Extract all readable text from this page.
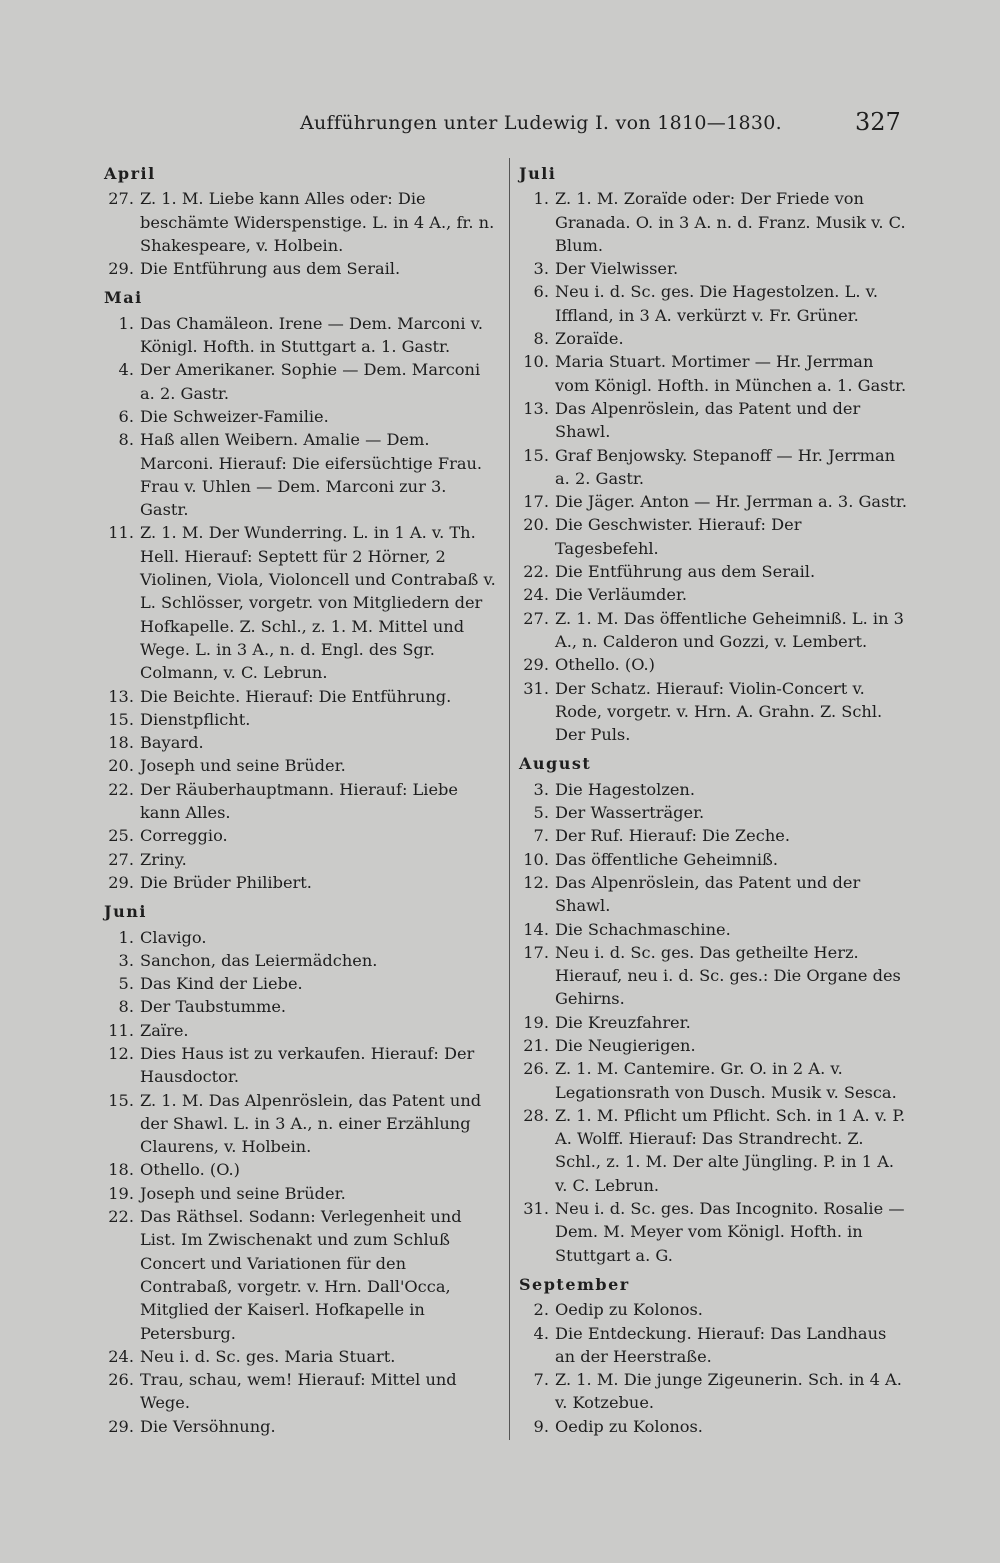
Aufführungen unter Ludewig I. von 1810—1830.	327
April
27. Z. 1. M. Liebe kann Alles oder: Die beschämte Widerspenstige. L. in 4 A., fr. n. Shakespeare, v. Holbein.
29. Die Entführung aus dem Serail.
Mai
1. Das Chamäleon. Irene — Dem. Marconi v. Königl. Hofth. in Stuttgart a. 1. Gastr.
4. Der Amerikaner. Sophie — Dem. Marconi a. 2. Gastr.
6. Die Schweizer-Familie.
8. Haß allen Weibern. Amalie — Dem. Marconi. Hierauf: Die eifersüchtige Frau. Frau v. Uhlen — Dem. Marconi zur 3. Gastr.
11. Z. 1. M. Der Wunderring. L. in 1 A. v. Th. Hell. Hierauf: Septett für 2 Hörner, 2 Violinen, Viola, Violoncell und Contrabaß v. L. Schlösser, vorgetr. von Mitgliedern der Hofkapelle. Z. Schl., z. 1. M. Mittel und Wege. L. in 3 A., n. d. Engl. des Sgr. Colmann, v. C. Lebrun.
13. Die Beichte. Hierauf: Die Entführung.
15. Dienstpflicht.
18. Bayard.
20. Joseph und seine Brüder.
22. Der Räuberhauptmann. Hierauf: Liebe kann Alles.
25. Correggio.
27. Zriny.
29. Die Brüder Philibert.
Juni
1. Clavigo.
3. Sanchon, das Leiermädchen.
5. Das Kind der Liebe.
8. Der Taubstumme.
11. Zaïre.
12. Dies Haus ist zu verkaufen. Hierauf: Der Hausdoctor.
15. Z. 1. M. Das Alpenröslein, das Patent und der Shawl. L. in 3 A., n. einer Erzählung Claurens, v. Holbein.
18. Othello. (O.)
19. Joseph und seine Brüder.
22. Das Räthsel. Sodann: Verlegenheit und List. Im Zwischenakt und zum Schluß Concert und Variationen für den Contrabaß, vorgetr. v. Hrn. Dall'Occa, Mitglied der Kaiserl. Hofkapelle in Petersburg.
24. Neu i. d. Sc. ges. Maria Stuart.
26. Trau, schau, wem! Hierauf: Mittel und Wege.
29. Die Versöhnung.
Juli
1. Z. 1. M. Zoraïde oder: Der Friede von Granada. O. in 3 A. n. d. Franz. Musik v. C. Blum.
3. Der Vielwisser.
6. Neu i. d. Sc. ges. Die Hagestolzen. L. v. Iffland, in 3 A. verkürzt v. Fr. Grüner.
8. Zoraïde.
10. Maria Stuart. Mortimer — Hr. Jerrman vom Königl. Hofth. in München a. 1. Gastr.
13. Das Alpenröslein, das Patent und der Shawl.
15. Graf Benjowsky. Stepanoff — Hr. Jerrman a. 2. Gastr.
17. Die Jäger. Anton — Hr. Jerrman a. 3. Gastr.
20. Die Geschwister. Hierauf: Der Tagesbefehl.
22. Die Entführung aus dem Serail.
24. Die Verläumder.
27. Z. 1. M. Das öffentliche Geheimniß. L. in 3 A., n. Calderon und Gozzi, v. Lembert.
29. Othello. (O.)
31. Der Schatz. Hierauf: Violin-Concert v. Rode, vorgetr. v. Hrn. A. Grahn. Z. Schl. Der Puls.
August
3. Die Hagestolzen.
5. Der Wasserträger.
7. Der Ruf. Hierauf: Die Zeche.
10. Das öffentliche Geheimniß.
12. Das Alpenröslein, das Patent und der Shawl.
14. Die Schachmaschine.
17. Neu i. d. Sc. ges. Das getheilte Herz. Hierauf, neu i. d. Sc. ges.: Die Organe des Gehirns.
19. Die Kreuzfahrer.
21. Die Neugierigen.
26. Z. 1. M. Cantemire. Gr. O. in 2 A. v. Legationsrath von Dusch. Musik v. Sesca.
28. Z. 1. M. Pflicht um Pflicht. Sch. in 1 A. v. P. A. Wolff. Hierauf: Das Strandrecht. Z. Schl., z. 1. M. Der alte Jüngling. P. in 1 A. v. C. Lebrun.
31. Neu i. d. Sc. ges. Das Incognito. Rosalie — Dem. M. Meyer vom Königl. Hofth. in Stuttgart a. G.
September
2. Oedip zu Kolonos.
4. Die Entdeckung. Hierauf: Das Landhaus an der Heerstraße.
7. Z. 1. M. Die junge Zigeunerin. Sch. in 4 A. v. Kotzebue.
9. Oedip zu Kolonos.
